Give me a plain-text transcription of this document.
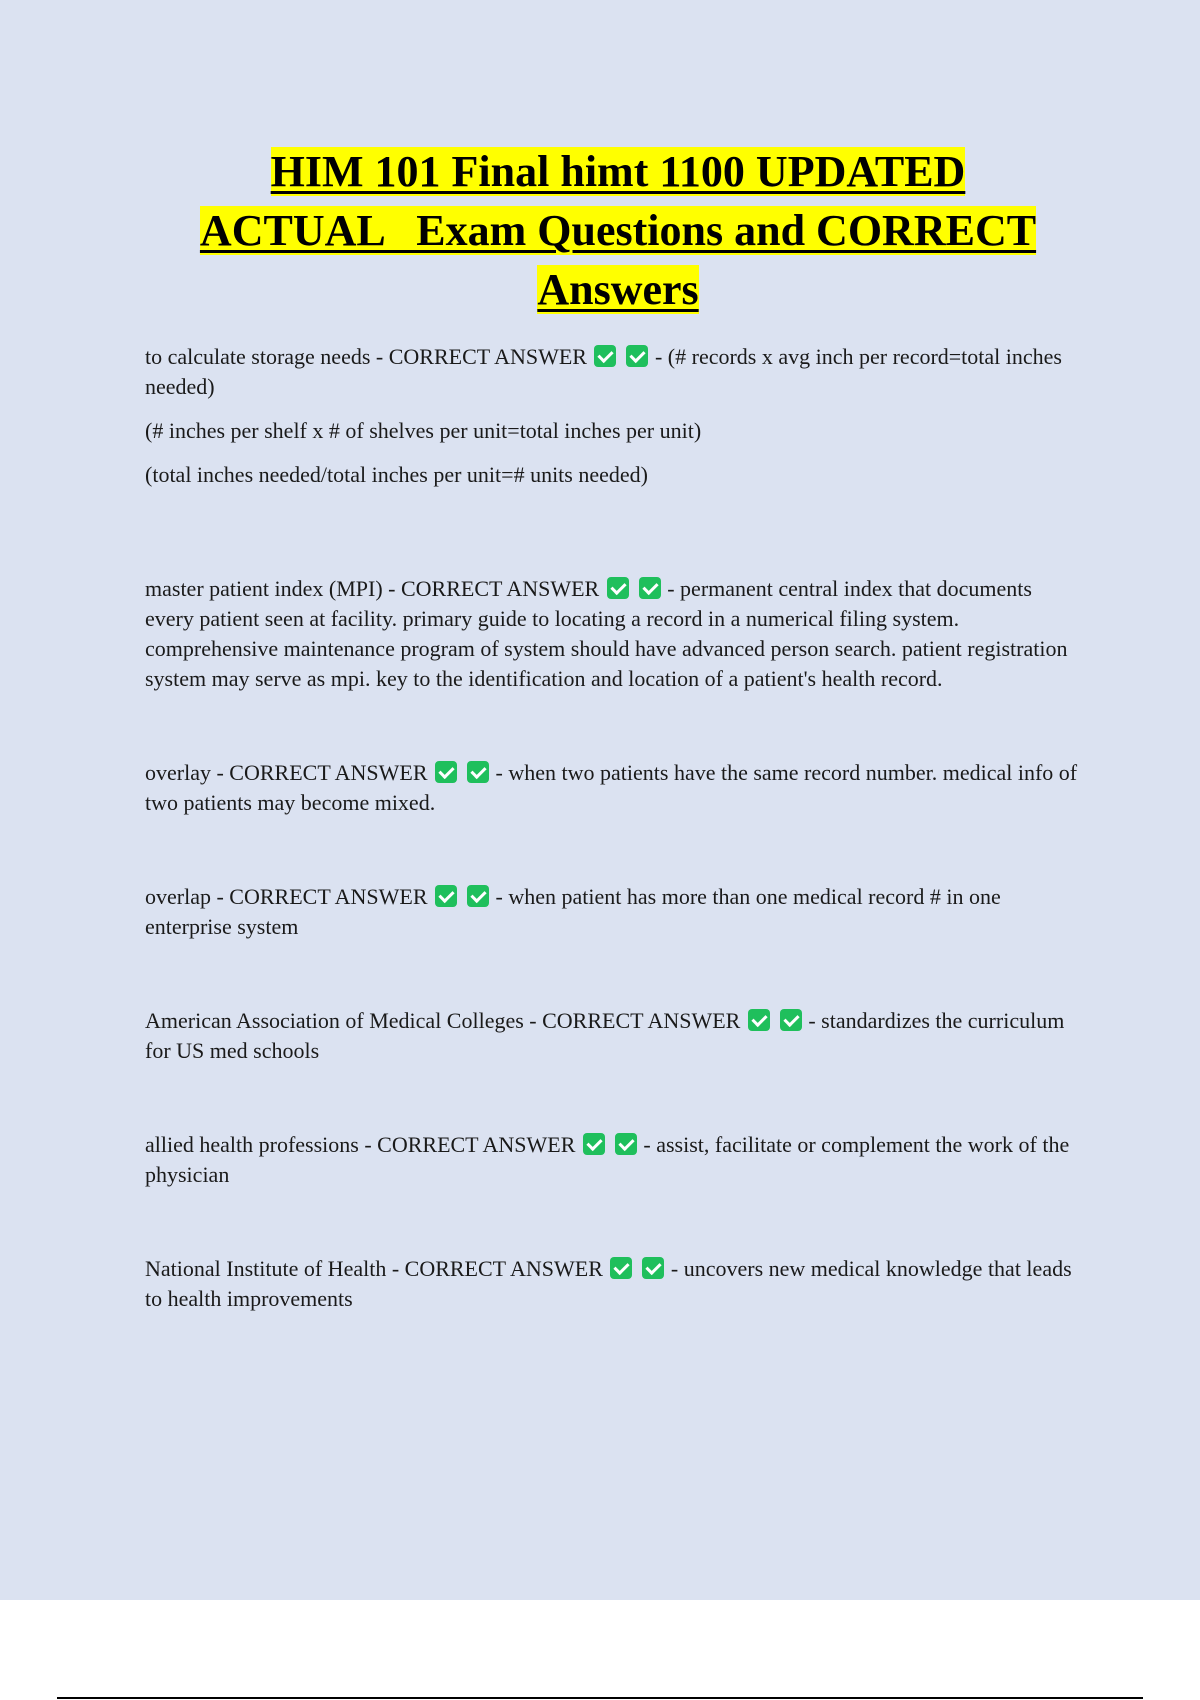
HIM 101 Final himt 1100 UPDATED
ACTUAL   Exam Questions and CORRECT
Answers

to calculate storage needs - CORRECT ANSWER	- (# records x avg inch per record=total inches needed)

(# inches per shelf x # of shelves per unit=total inches per unit)

(total inches needed/total inches per unit=# units needed)

master patient index (MPI) - CORRECT ANSWER	- permanent central index that documents every patient seen at facility. primary guide to locating a record in a numerical filing system. comprehensive maintenance program of system should have advanced person search. patient registration system may serve as mpi. key to the identification and location of a patient's health record.

overlay - CORRECT ANSWER	- when two patients have the same record number. medical info of two patients may become mixed.

overlap - CORRECT ANSWER	- when patient has more than one medical record # in one enterprise system

American Association of Medical Colleges - CORRECT ANSWER	- standardizes the curriculum for US med schools

allied health professions - CORRECT ANSWER	- assist, facilitate or complement the work of the physician

National Institute of Health - CORRECT ANSWER	- uncovers new medical knowledge that leads to health improvements
